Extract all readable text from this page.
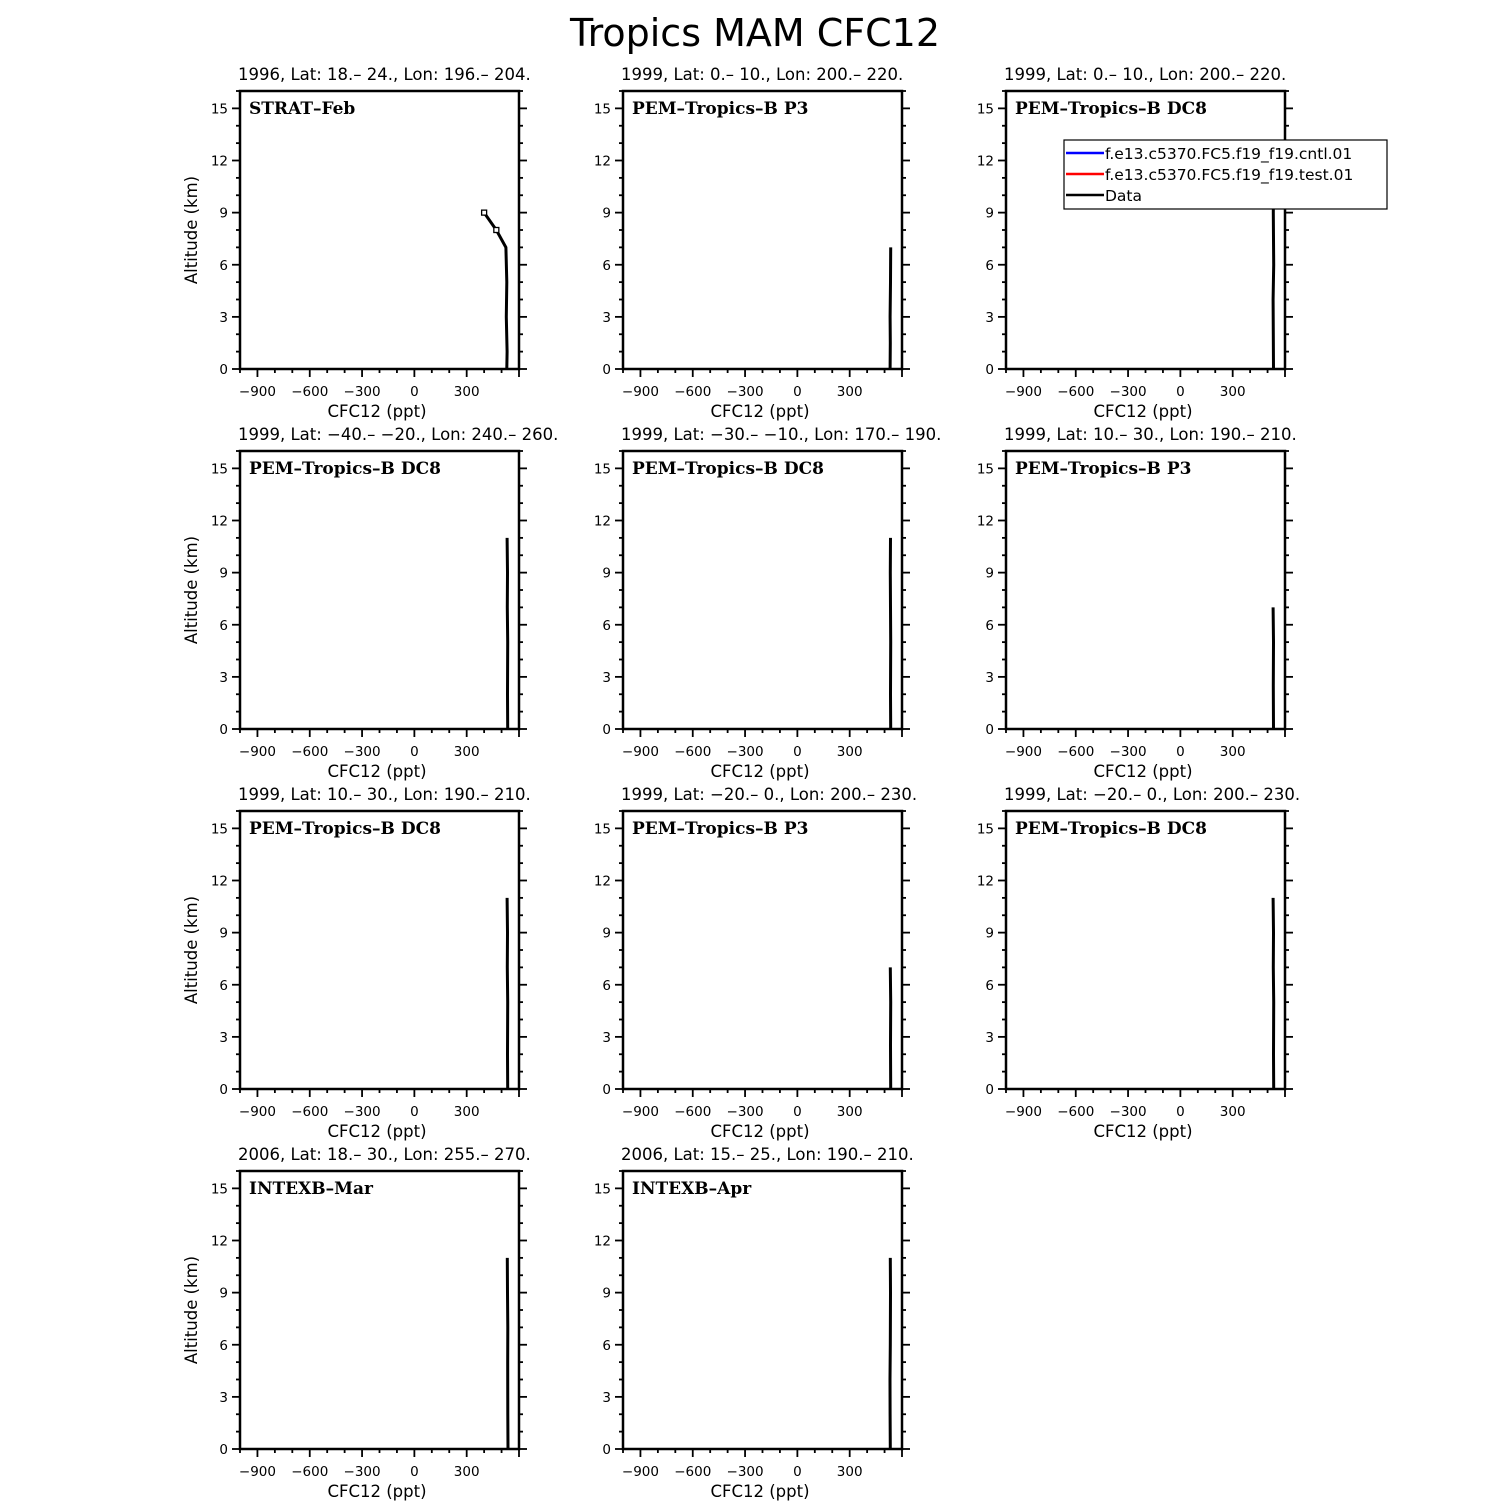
Tropics MAM CFC12
0
3
6
9
12
15
−900 −600 −300 0	300
CFC12 (ppt)
Altitude (km)
1996, Lat: 18.– 24., Lon: 196.– 204.
STRAT–Feb
0
3
6
9
12
15
−900 −600 −300 0	300
CFC12 (ppt)
1999, Lat: 0.– 10., Lon: 200.– 220.
PEM–Tropics–B P3
0
3
6
9
12
15
−900 −600 −300 0	300
CFC12 (ppt)
1999, Lat: 0.– 10., Lon: 200.– 220.
PEM–Tropics–B DC8
0
3
6
9
12
15
−900 −600 −300 0	300
CFC12 (ppt)
Altitude (km)
1999, Lat: −40.– −20., Lon: 240.– 260.
PEM–Tropics–B DC8
0
3
6
9
12
15
−900 −600 −300 0	300
CFC12 (ppt)
1999, Lat: −30.– −10., Lon: 170.– 190.
PEM–Tropics–B DC8
0
3
6
9
12
15
−900 −600 −300 0	300
CFC12 (ppt)
1999, Lat: 10.– 30., Lon: 190.– 210.
PEM–Tropics–B P3
0
3
6
9
12
15
−900 −600 −300 0	300
CFC12 (ppt)
Altitude (km)
1999, Lat: 10.– 30., Lon: 190.– 210.
PEM–Tropics–B DC8
0
3
6
9
12
15
−900 −600 −300 0	300
CFC12 (ppt)
1999, Lat: −20.– 0., Lon: 200.– 230.
PEM–Tropics–B P3
0
3
6
9
12
15
−900 −600 −300 0	300
CFC12 (ppt)
1999, Lat: −20.– 0., Lon: 200.– 230.
PEM–Tropics–B DC8
0
3
6
9
12
15
−900 −600 −300 0	300
CFC12 (ppt)
Altitude (km)
2006, Lat: 18.– 30., Lon: 255.– 270.
INTEXB–Mar
0
3
6
9
12
15
−900 −600 −300 0	300
CFC12 (ppt)
2006, Lat: 15.– 25., Lon: 190.– 210.
INTEXB–Apr
f.e13.c5370.FC5.f19_f19.cntl.01
f.e13.c5370.FC5.f19_f19.test.01
Data
